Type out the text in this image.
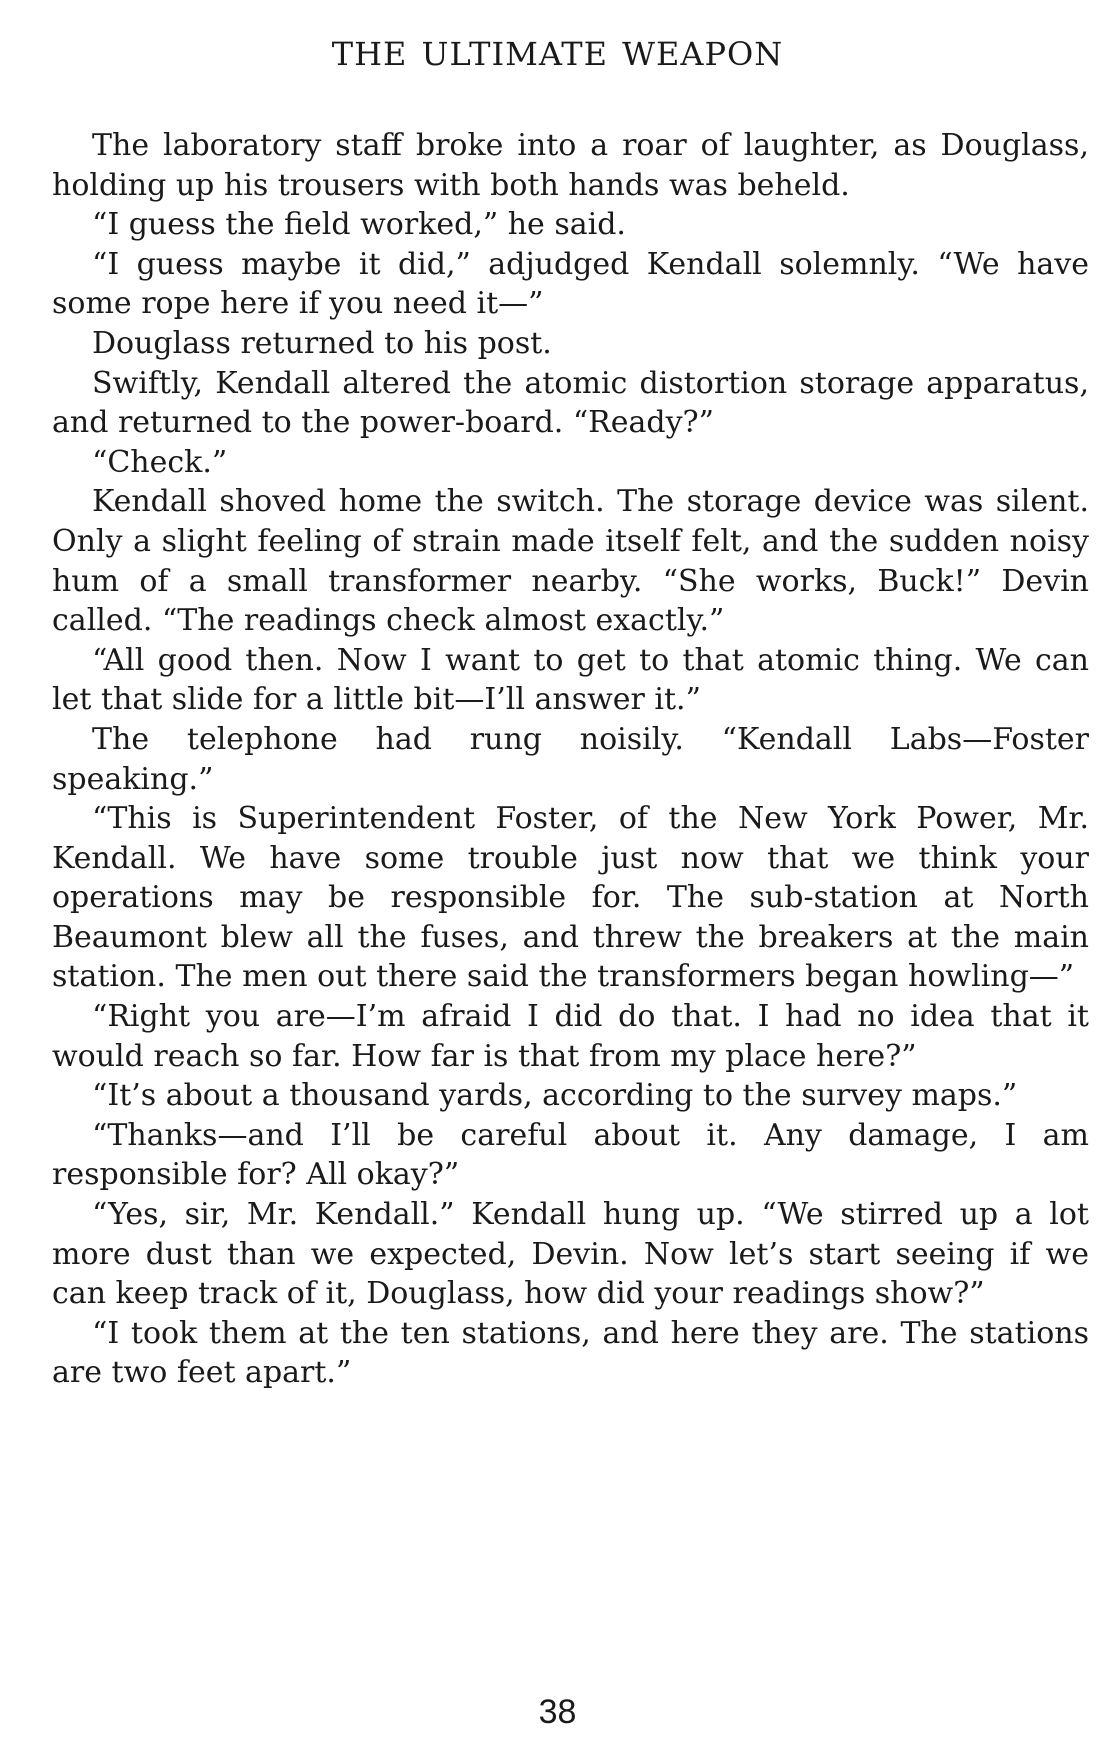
THE ULTIMATE WEAPON

The laboratory staff broke into a roar of laughter, as Douglass, holding up his trousers with both hands was beheld.

“I guess the field worked,” he said.

“I guess maybe it did,” adjudged Kendall solemnly. “We have some rope here if you need it—”

Douglass returned to his post.

Swiftly, Kendall altered the atomic distortion storage apparatus, and returned to the power-board. “Ready?”

“Check.”

Kendall shoved home the switch. The storage device was silent. Only a slight feeling of strain made itself felt, and the sudden noisy hum of a small transformer nearby. “She works, Buck!” Devin called. “The readings check almost exactly.”

“All good then. Now I want to get to that atomic thing. We can let that slide for a little bit—I’ll answer it.”

The telephone had rung noisily. “Kendall Labs—Foster speaking.”

“This is Superintendent Foster, of the New York Power, Mr. Kendall. We have some trouble just now that we think your operations may be responsible for. The sub-station at North Beaumont blew all the fuses, and threw the breakers at the main station. The men out there said the transformers began howling—”

“Right you are—I’m afraid I did do that. I had no idea that it would reach so far. How far is that from my place here?”

“It’s about a thousand yards, according to the survey maps.”

“Thanks—and I’ll be careful about it. Any damage, I am responsible for? All okay?”

“Yes, sir, Mr. Kendall.” Kendall hung up. “We stirred up a lot more dust than we expected, Devin. Now let’s start seeing if we can keep track of it, Douglass, how did your readings show?”

“I took them at the ten stations, and here they are. The stations are two feet apart.”

38
